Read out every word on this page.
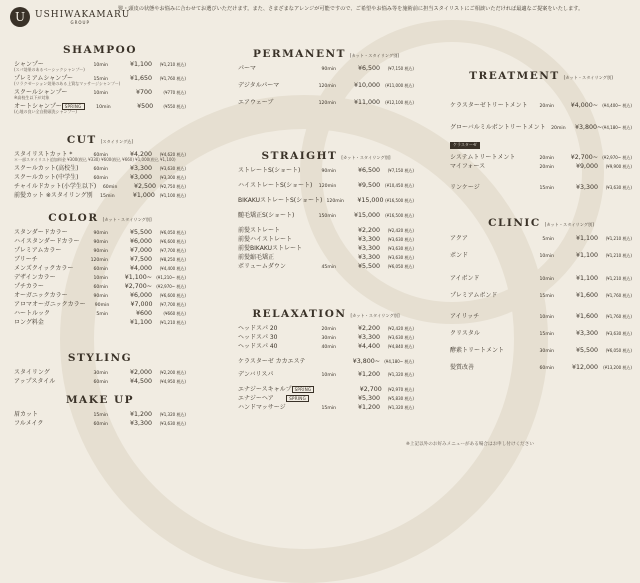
U	USHIWAKAMARU
GROUP
髪・頭皮の状態やお悩みに合わせてお選びいただけます。また、さまざまなアレンジが可能ですので、ご希望やお悩み等を施術前に担当スタイリストにご相談いただければ最適なご提案をいたします。
SHAMPOO
シャンプー	10min	¥1,100	(¥1,210 税込)
(スパ効果のあるベーシックシャンプー)
プレミアムシャンプー	15min	¥1,650	(¥1,760 税込)
(リラクゼーション効果のある上質なマッサージシャンプー)
スクールシャンプー	10min	¥700	(¥770 税込)
※高校生以下が対象
オートシャンプー SPRING	10min	¥500	(¥550 税込)
(心地の良い全自動頭洗シャンプー)
CUT [スタイリング込]
スタイリストカット *	60min	¥4,200	(¥4,620 税込)
＊一部スタイリスト追加料金 ¥300(税込 ¥330) ¥600(税込 ¥660) ¥1,000(税込 ¥1,100)
スクールカット(高校生)	60min	¥3,300	(¥3,630 税込)
スクールカット(中学生)	60min	¥3,000	(¥3,300 税込)
チャイルドカット(小学生以下)	60min	¥2,500 (¥2,750 税込)
前髪カット ※スタイリング別	15min	¥1,000	(¥1,100 税込)
COLOR [カット・スタイリング別]
スタンダードカラー	90min	¥5,500	(¥6,050 税込)
ハイスタンダードカラー	90min	¥6,000	(¥6,600 税込)
プレミアムカラー	90min	¥7,000	(¥7,700 税込)
ブリーチ	120min	¥7,500	(¥8,250 税込)
メンズクイックカラー	60min	¥4,000	(¥4,400 税込)
デザインカラー	10min	¥1,100~	(¥1,210~ 税込)
プチカラー	60min	¥2,700~	(¥2,970~ 税込)
オーガニックカラー	90min	¥6,000	(¥6,600 税込)
アロマオーガニックカラー	90min	¥7,000	(¥7,700 税込)
ハートルック	5min	¥600	(¥660 税込)
ロング料金	¥1,100	(¥1,210 税込)
STYLING
スタイリング	30min	¥2,000	(¥2,200 税込)
アップスタイル	60min	¥4,500	(¥4,950 税込)
MAKE UP
眉カット	15min	¥1,200	(¥1,320 税込)
フルメイク	60min	¥3,300	(¥3,630 税込)
PERMANENT [カット・スタイリング別]
パーマ	90min	¥6,500	(¥7,150 税込)
デジタルパーマ	120min	¥10,000	(¥11,000 税込)
エアウェーブ	120min	¥11,000	(¥12,100 税込)
STRAIGHT [カット・スタイリング別]
ストレートS(ショート)	90min	¥6,500	(¥7,150 税込)
ハイストレートS(ショート)	120min	¥9,500	(¥10,450 税込)
BIKAKUストレートS(ショート) 120min	¥15,000 (¥16,500 税込)
髄毛矯正S(ショート)	150min	¥15,000	(¥16,500 税込)
前髪ストレート	¥2,200	(¥2,420 税込)
前髪ハイストレート	¥3,300	(¥3,630 税込)
前髪BIKAKUストレート	¥3,300	(¥3,630 税込)
前髪縮毛矯正	¥3,300	(¥3,630 税込)
ボリュームダウン	45min	¥5,500	(¥6,050 税込)
RELAXATION [カット・スタイリング別]
ヘッドスパ 20	20min	¥2,200	(¥2,420 税込)
ヘッドスパ 30	30min	¥3,300	(¥3,630 税込)
ヘッドスパ 40	40min	¥4,400	(¥4,840 税込)
ケラスターゼ カカエステ	¥3,800~	(¥4,180~ 税込)
デンバリスパ	10min	¥1,200	(¥1,320 税込)
エナジースキャルプ SPRING	¥2,700	(¥2,970 税込)
エナジーヘア	SPRING	¥5,300	(¥5,830 税込)
ハンドマッサージ	15min	¥1,200	(¥1,320 税込)
TREATMENT [カット・スタイリング別]
ケラスターゼトリートメント	20min	¥4,000~	(¥4,400~ 税込)
グローバルミルボントリートメント	20min	¥3,800~ (¥4,180~ 税込)
ケラスターゼ
システムトリートメント	20min	¥2,700~	(¥2,970~ 税込)
マイフォース	20min	¥9,000	(¥9,900 税込)
リンケージ	15min	¥3,300	(¥3,630 税込)
CLINIC [カット・スタイリング別]
アクア	5min	¥1,100	(¥1,210 税込)
ボンド	10min	¥1,100	(¥1,210 税込)
アイボンド	10min	¥1,100	(¥1,210 税込)
プレミアムボンド	15min	¥1,600	(¥1,760 税込)
アイリッチ	10min	¥1,600	(¥1,760 税込)
クリスタル	15min	¥3,300	(¥3,630 税込)
酵素トリートメント	30min	¥5,500	(¥6,050 税込)
髪質改善	60min	¥12,000	(¥13,200 税込)
※上記以外のお好みメニューがある場合はお申し付けください
